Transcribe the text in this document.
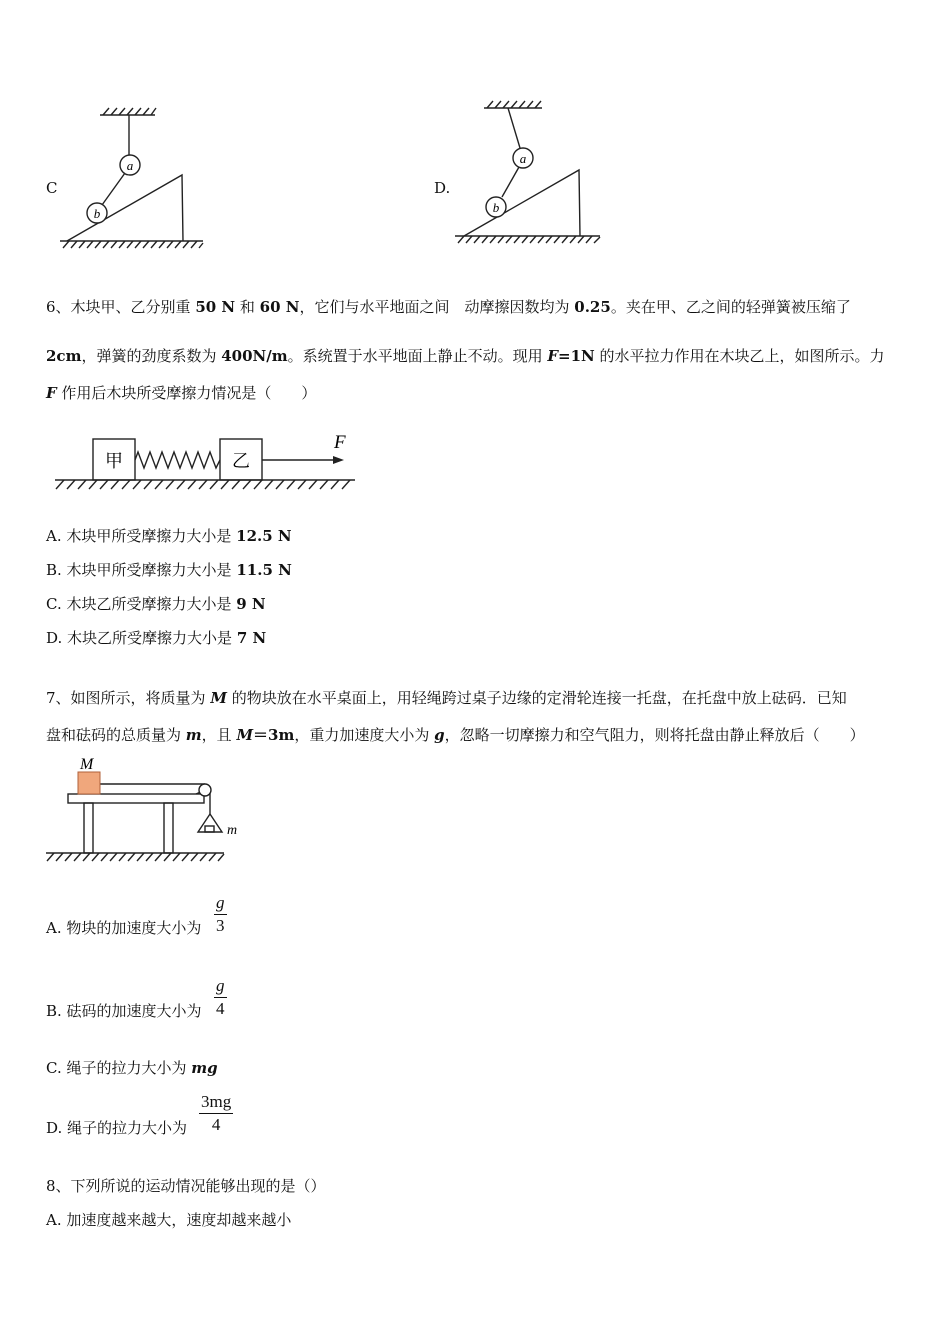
C
a
b
D.
a
b
6、木块甲、乙分别重 50 N 和 60 N，它们与水平地面之间　动摩擦因数均为 0.25。夹在甲、乙之间的轻弹簧被压缩了
2cm，弹簧的劲度系数为 400N/m。系统置于水平地面上静止不动。现用 F=1N 的水平拉力作用在木块乙上，如图所示。力
F 作用后木块所受摩擦力情况是（　　）
甲	乙
F
A. 木块甲所受摩擦力大小是 12.5 N
B. 木块甲所受摩擦力大小是 11.5 N
C. 木块乙所受摩擦力大小是 9 N
D. 木块乙所受摩擦力大小是 7 N
7、如图所示，将质量为 M 的物块放在水平桌面上，用轻绳跨过桌子边缘的定滑轮连接一托盘，在托盘中放上砝码．已知
盘和砝码的总质量为 m，且 M＝3m，重力加速度大小为 g，忽略一切摩擦力和空气阻力，则将托盘由静止释放后（　　）
M
m
A. 物块的加速度大小为 $\frac{g}{3}$
B. 砝码的加速度大小为 $\frac{g}{4}$
C. 绳子的拉力大小为 mg
D. 绳子的拉力大小为 $\frac{3mg}{4}$
8、下列所说的运动情况能够出现的是（）
A. 加速度越来越大，速度却越来越小
